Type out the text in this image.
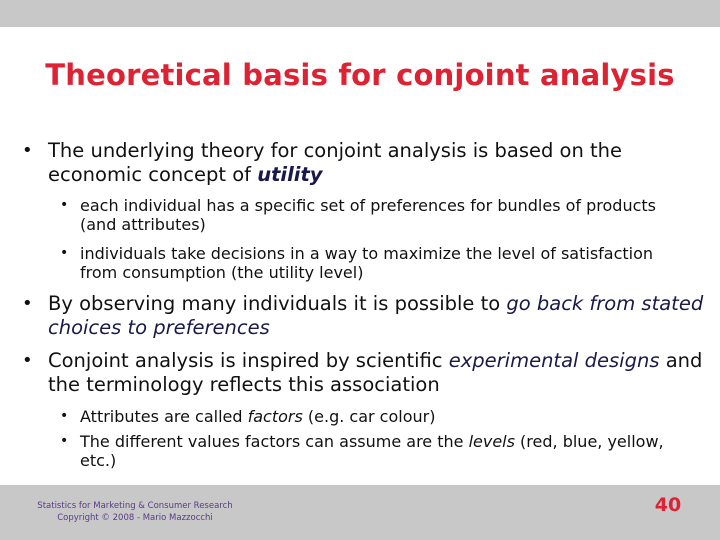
Theoretical basis for conjoint analysis
• The underlying theory for conjoint analysis is based on the economic concept of utility
• each individual has a specific set of preferences for bundles of products (and attributes)
• individuals take decisions in a way to maximize the level of satisfaction from consumption (the utility level)
• By observing many individuals it is possible to go back from stated choices to preferences
• Conjoint analysis is inspired by scientific experimental designs and the terminology reflects this association
• Attributes are called factors (e.g. car colour)
• The different values factors can assume are the levels (red, blue, yellow, etc.)
Statistics for Marketing & Consumer Research
Copyright © 2008 - Mario Mazzocchi
40
